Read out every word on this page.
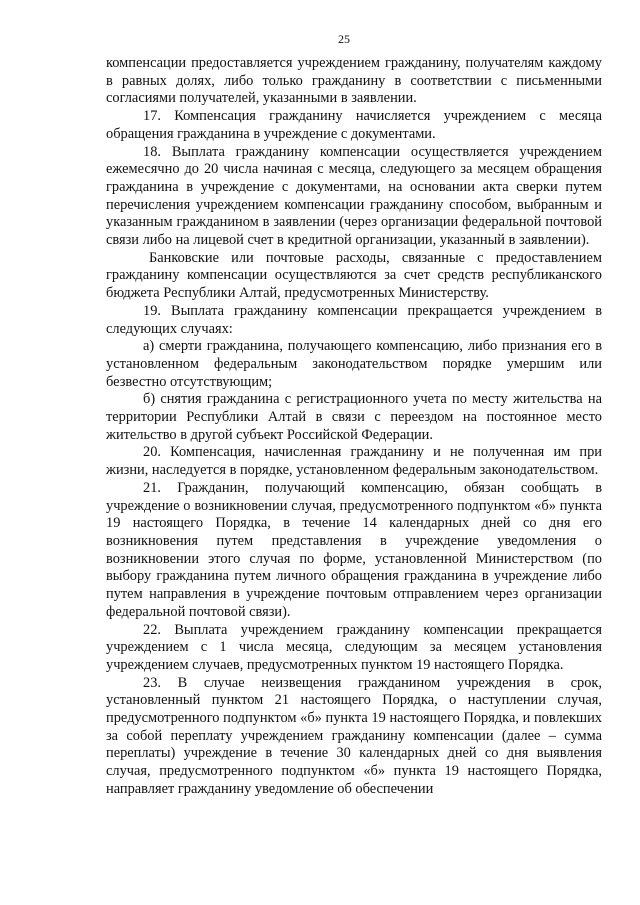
25

компенсации предоставляется учреждением гражданину, получателям каждому в равных долях, либо только гражданину в соответствии с письменными согласиями получателей, указанными в заявлении.

17. Компенсация гражданину начисляется учреждением с месяца обращения гражданина в учреждение с документами.

18. Выплата гражданину компенсации осуществляется учреждением ежемесячно до 20 числа начиная с месяца, следующего за месяцем обращения гражданина в учреждение с документами, на основании акта сверки путем перечисления учреждением компенсации гражданину способом, выбранным и указанным гражданином в заявлении (через организации федеральной почтовой связи либо на лицевой счет в кредитной организации, указанный в заявлении).

Банковские или почтовые расходы, связанные с предоставлением гражданину компенсации осуществляются за счет средств республиканского бюджета Республики Алтай, предусмотренных Министерству.

19. Выплата гражданину компенсации прекращается учреждением в следующих случаях:

а) смерти гражданина, получающего компенсацию, либо признания его в установленном федеральным законодательством порядке умершим или безвестно отсутствующим;

б) снятия гражданина с регистрационного учета по месту жительства на территории Республики Алтай в связи с переездом на постоянное место жительство в другой субъект Российской Федерации.

20. Компенсация, начисленная гражданину и не полученная им при жизни, наследуется в порядке, установленном федеральным законодательством.

21. Гражданин, получающий компенсацию, обязан сообщать в учреждение о возникновении случая, предусмотренного подпунктом «б» пункта 19 настоящего Порядка, в течение 14 календарных дней со дня его возникновения путем представления в учреждение уведомления о возникновении этого случая по форме, установленной Министерством (по выбору гражданина путем личного обращения гражданина в учреждение либо путем направления в учреждение почтовым отправлением через организации федеральной почтовой связи).

22. Выплата учреждением гражданину компенсации прекращается учреждением с 1 числа месяца, следующим за месяцем установления учреждением случаев, предусмотренных пунктом 19 настоящего Порядка.

23. В случае неизвещения гражданином учреждения в срок, установленный пунктом 21 настоящего Порядка, о наступлении случая, предусмотренного подпунктом «б» пункта 19 настоящего Порядка, и повлекших за собой переплату учреждением гражданину компенсации (далее – сумма переплаты) учреждение в течение 30 календарных дней со дня выявления случая, предусмотренного подпунктом «б» пункта 19 настоящего Порядка, направляет гражданину уведомление об обеспечении
